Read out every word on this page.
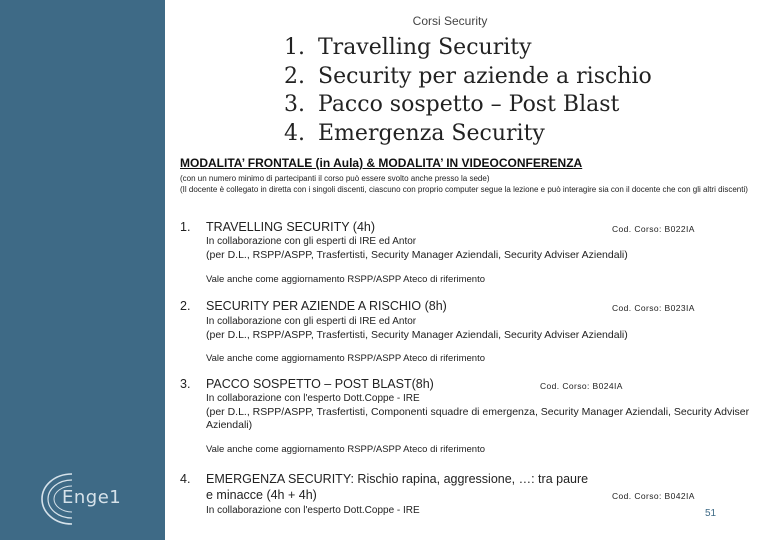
Enge1
Corsi Security
1. Travelling Security
2. Security per aziende a rischio
3. Pacco sospetto – Post Blast
4. Emergenza Security
MODALITA’ FRONTALE (in Aula) & MODALITA’ IN VIDEOCONFERENZA
(con un numero minimo di partecipanti il corso può essere svolto anche presso la sede)
(Il docente è collegato in diretta con i singoli discenti, ciascuno con proprio computer segue la lezione e può interagire sia con il docente che con gli altri discenti)
1. TRAVELLING SECURITY (4h)	Cod. Corso: B022IA
In collaborazione con gli esperti di IRE ed Antor
(per D.L., RSPP/ASPP, Trasfertisti, Security Manager Aziendali, Security Adviser Aziendali)
Vale anche come aggiornamento RSPP/ASPP Ateco di riferimento
2. SECURITY PER AZIENDE A RISCHIO (8h)	Cod. Corso: B023IA
In collaborazione con gli esperti di IRE ed Antor
(per D.L., RSPP/ASPP, Trasfertisti, Security Manager Aziendali, Security Adviser Aziendali)
Vale anche come aggiornamento RSPP/ASPP Ateco di riferimento
3. PACCO SOSPETTO – POST BLAST(8h)	Cod. Corso: B024IA
In collaborazione con l'esperto Dott.Coppe - IRE
(per D.L., RSPP/ASPP, Trasfertisti, Componenti squadre di emergenza, Security Manager Aziendali, Security Adviser Aziendali)
Vale anche come aggiornamento RSPP/ASPP Ateco di riferimento
4. EMERGENZA SECURITY: Rischio rapina, aggressione, …: tra paure
e minacce (4h + 4h)	Cod. Corso: B042IA
In collaborazione con l'esperto Dott.Coppe - IRE	51
